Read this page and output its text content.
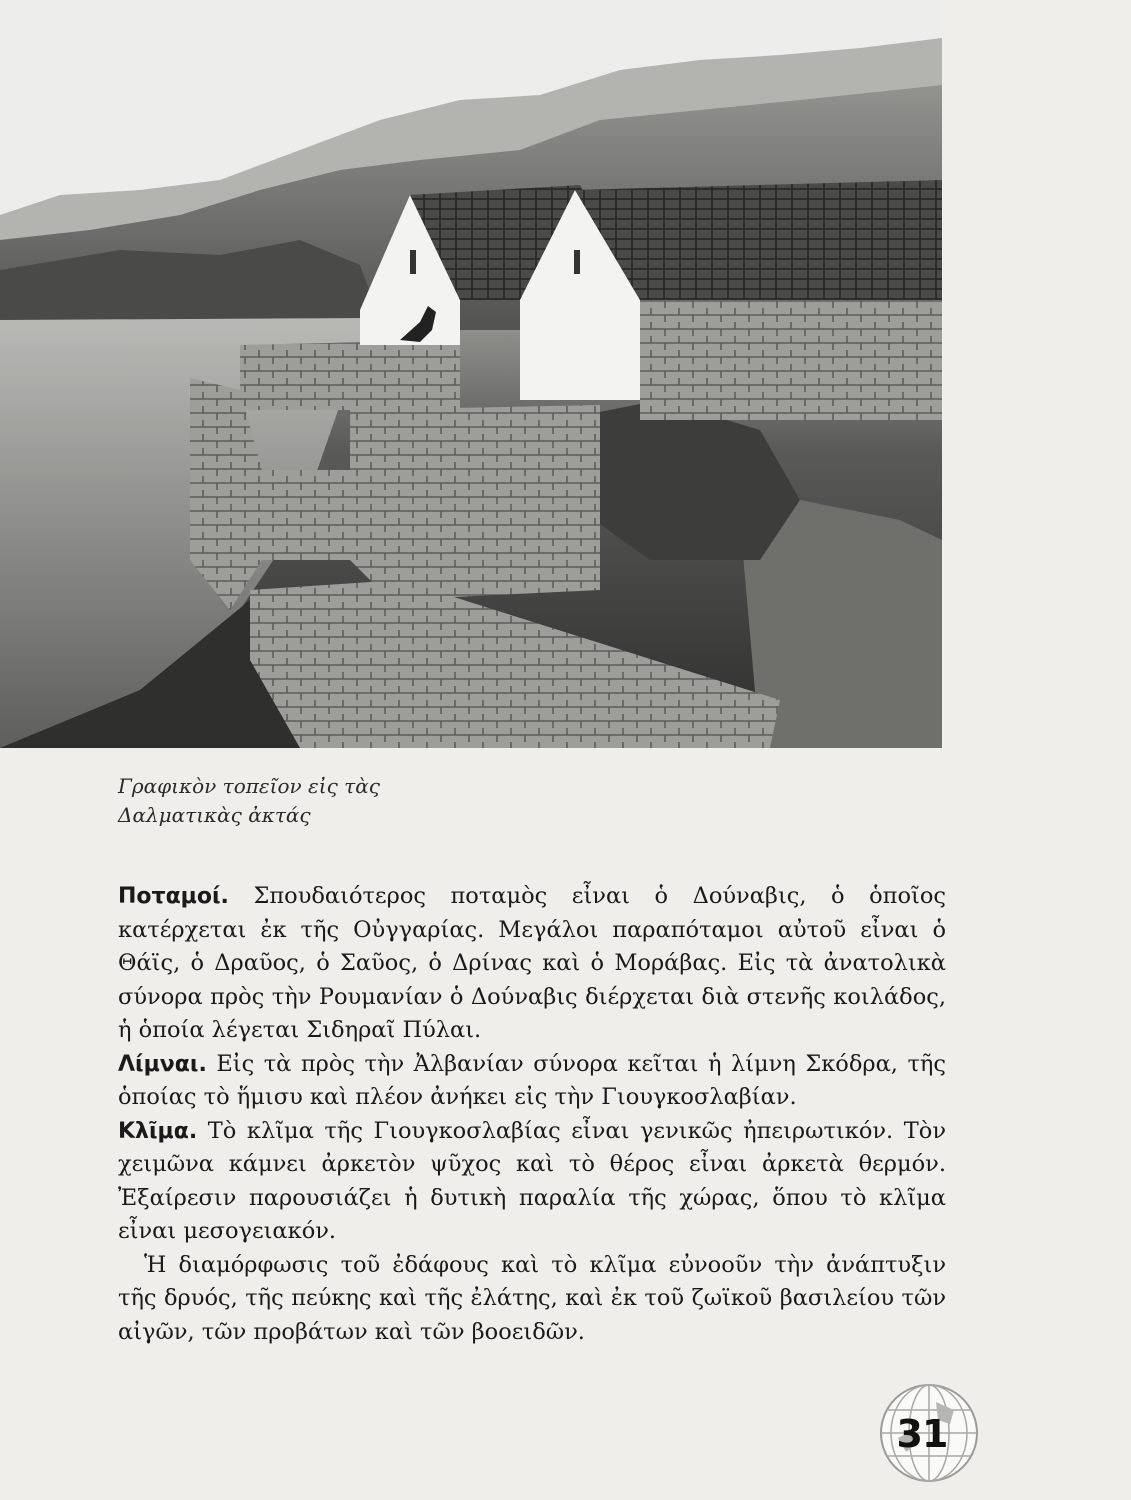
Γραφικὸν τοπεῖον εἰς τὰς
Δαλματικὰς ἀκτάς

Ποταμοί. Σπουδαιότερος ποταμὸς εἶναι ὁ Δούναβις, ὁ ὁποῖος κατέρχεται ἐκ τῆς Οὐγγαρίας. Μεγάλοι παραπόταμοι αὐτοῦ εἶναι ὁ Θάϊς, ὁ Δραῦος, ὁ Σαῦος, ὁ Δρίνας καὶ ὁ Μοράβας. Εἰς τὰ ἀνατολικὰ σύνορα πρὸς τὴν Ρουμανίαν ὁ Δούναβις διέρχεται διὰ στενῆς κοιλάδος, ἡ ὁποία λέγεται Σιδηραῖ Πύλαι.

Λίμναι. Εἰς τὰ πρὸς τὴν Ἀλβανίαν σύνορα κεῖται ἡ λίμνη Σκόδρα, τῆς ὁποίας τὸ ἥμισυ καὶ πλέον ἀνήκει εἰς τὴν Γιουγκοσλαβίαν.

Κλῖμα. Τὸ κλῖμα τῆς Γιουγκοσλαβίας εἶναι γενικῶς ἠπειρωτικόν. Τὸν χειμῶνα κάμνει ἀρκετὸν ψῦχος καὶ τὸ θέρος εἶναι ἀρκετὰ θερμόν. Ἐξαίρεσιν παρουσιάζει ἡ δυτικὴ παραλία τῆς χώρας, ὅπου τὸ κλῖμα εἶναι μεσογειακόν.

Ἡ διαμόρφωσις τοῦ ἐδάφους καὶ τὸ κλῖμα εὐνοοῦν τὴν ἀνάπτυξιν τῆς δρυός, τῆς πεύκης καὶ τῆς ἐλάτης, καὶ ἐκ τοῦ ζωϊκοῦ βασιλείου τῶν αἰγῶν, τῶν προβάτων καὶ τῶν βοοειδῶν.

31
